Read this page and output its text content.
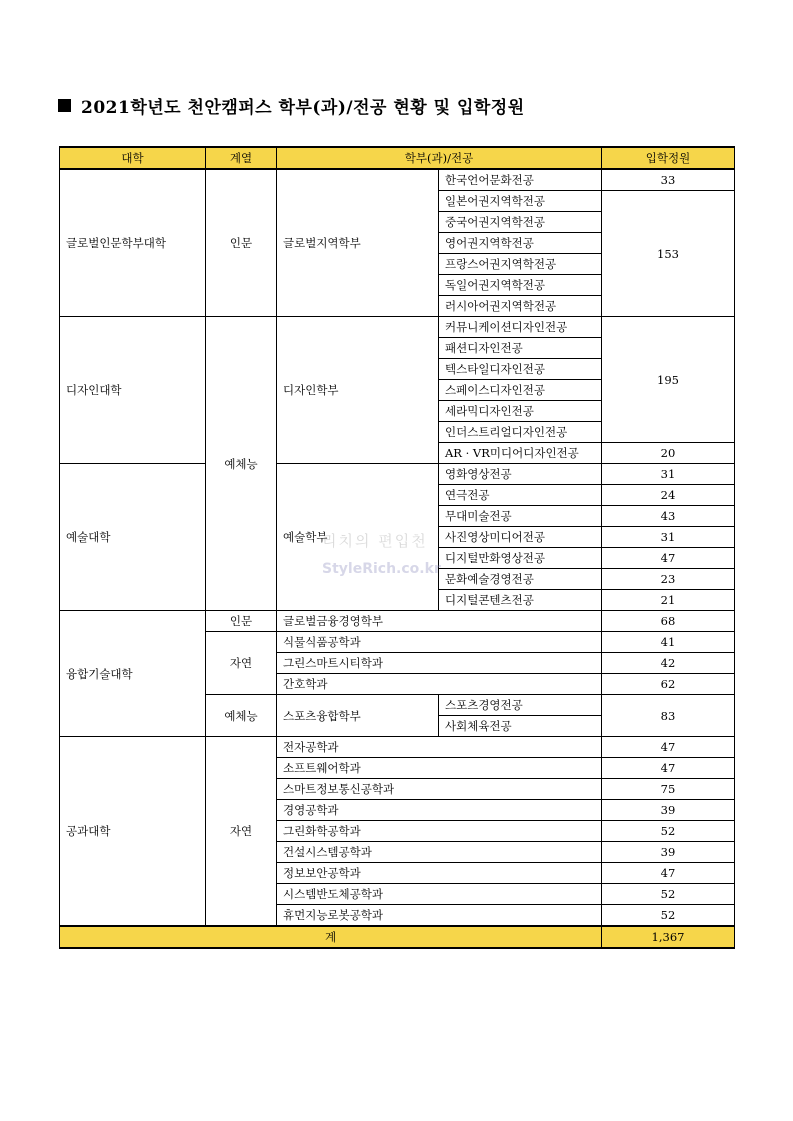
2021학년도 천안캠퍼스 학부(과)/전공 현황 및 입학정원
대학	계열	학부(과)/전공		입학정원
글로벌인문학부대학	인문	글로벌지역학부	한국언어문화전공	33
			일본어권지역학전공	153
			중국어권지역학전공	
			영어권지역학전공	
			프랑스어권지역학전공	
			독일어권지역학전공	
			러시아어권지역학전공	
디자인대학	예체능	디자인학부	커뮤니케이션디자인전공	195
			패션디자인전공	
			텍스타일디자인전공	
			스페이스디자인전공	
			세라믹디자인전공	
			인더스트리얼디자인전공	
			AR · VR미디어디자인전공	20
예술대학		예술학부	영화영상전공	31
			연극전공	24
			무대미술전공	43
			사진영상미디어전공	31
			디지털만화영상전공	47
			문화예술경영전공	23
			디지털콘텐츠전공	21
융합기술대학	인문	글로벌금융경영학부		68
	자연	식물식품공학과		41
		그린스마트시티학과		42
		간호학과		62
	예체능	스포츠융합학부	스포츠경영전공	83
			사회체육전공	
공과대학	자연	전자공학과		47
		소프트웨어학과		47
		스마트정보통신공학과		75
		경영공학과		39
		그린화학공학과		52
		건설시스템공학과		39
		정보보안공학과		47
		시스템반도체공학과		52
		휴먼지능로봇공학과		52
계				1,367
리치의 편입천
StyleRich.co.kr
